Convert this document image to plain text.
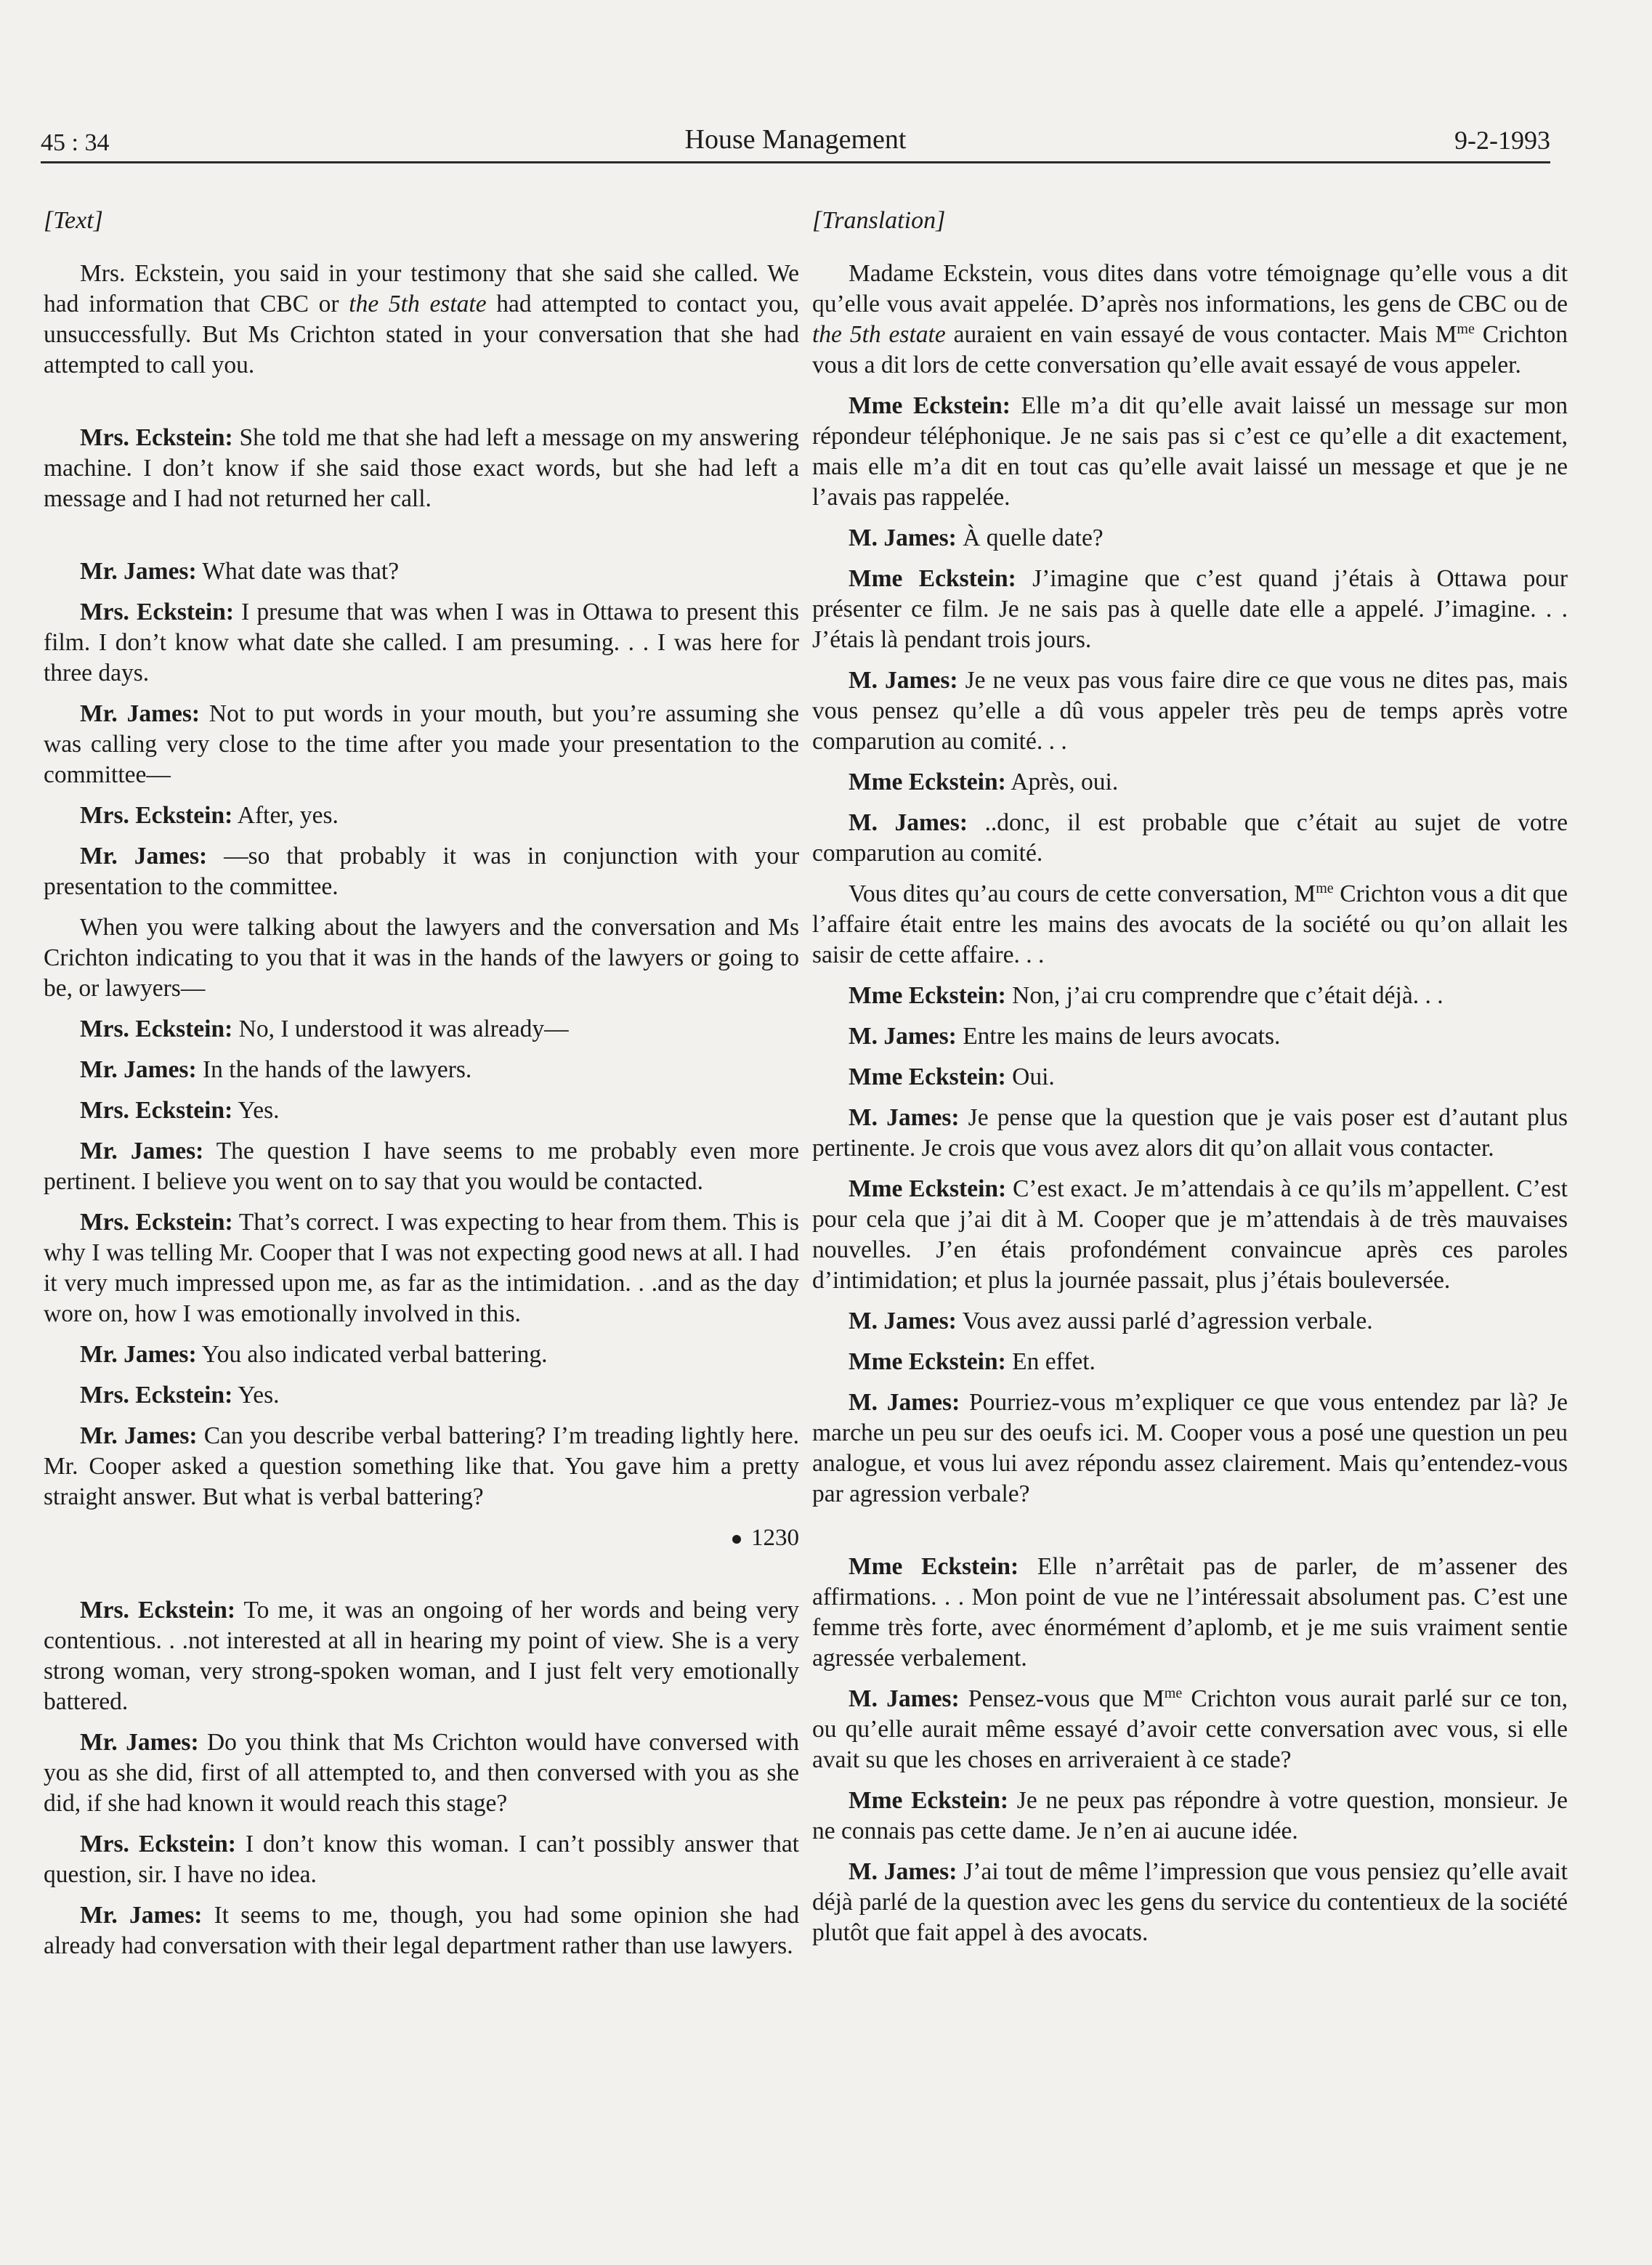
45 : 34	House Management	9-2-1993
[Text]

Mrs. Eckstein, you said in your testimony that she said she called. We had information that CBC or the 5th estate had attempted to contact you, unsuccessfully. But Ms Crichton stated in your conversation that she had attempted to call you.

Mrs. Eckstein: She told me that she had left a message on my answering machine. I don’t know if she said those exact words, but she had left a message and I had not returned her call.

Mr. James: What date was that?

Mrs. Eckstein: I presume that was when I was in Ottawa to present this film. I don’t know what date she called. I am presuming. . . I was here for three days.

Mr. James: Not to put words in your mouth, but you’re assuming she was calling very close to the time after you made your presentation to the committee—

Mrs. Eckstein: After, yes.

Mr. James: —so that probably it was in conjunction with your presentation to the committee.

When you were talking about the lawyers and the conversation and Ms Crichton indicating to you that it was in the hands of the lawyers or going to be, or lawyers—

Mrs. Eckstein: No, I understood it was already—

Mr. James: In the hands of the lawyers.

Mrs. Eckstein: Yes.

Mr. James: The question I have seems to me probably even more pertinent. I believe you went on to say that you would be contacted.

Mrs. Eckstein: That’s correct. I was expecting to hear from them. This is why I was telling Mr. Cooper that I was not expecting good news at all. I had it very much impressed upon me, as far as the intimidation. . .and as the day wore on, how I was emotionally involved in this.

Mr. James: You also indicated verbal battering.

Mrs. Eckstein: Yes.

Mr. James: Can you describe verbal battering? I’m treading lightly here. Mr. Cooper asked a question something like that. You gave him a pretty straight answer. But what is verbal battering?

1230

Mrs. Eckstein: To me, it was an ongoing of her words and being very contentious. . .not interested at all in hearing my point of view. She is a very strong woman, very strong-spoken woman, and I just felt very emotionally battered.

Mr. James: Do you think that Ms Crichton would have conversed with you as she did, first of all attempted to, and then conversed with you as she did, if she had known it would reach this stage?

Mrs. Eckstein: I don’t know this woman. I can’t possibly answer that question, sir. I have no idea.

Mr. James: It seems to me, though, you had some opinion she had already had conversation with their legal department rather than use lawyers.

[Translation]

Madame Eckstein, vous dites dans votre témoignage qu’elle vous a dit qu’elle vous avait appelée. D’après nos informations, les gens de CBC ou de the 5th estate auraient en vain essayé de vous contacter. Mais $M^{me}$ Crichton vous a dit lors de cette conversation qu’elle avait essayé de vous appeler.

Mme Eckstein: Elle m’a dit qu’elle avait laissé un message sur mon répondeur téléphonique. Je ne sais pas si c’est ce qu’elle a dit exactement, mais elle m’a dit en tout cas qu’elle avait laissé un message et que je ne l’avais pas rappelée.

M. James: À quelle date?

Mme Eckstein: J’imagine que c’est quand j’étais à Ottawa pour présenter ce film. Je ne sais pas à quelle date elle a appelé. J’imagine. . . J’étais là pendant trois jours.

M. James: Je ne veux pas vous faire dire ce que vous ne dites pas, mais vous pensez qu’elle a dû vous appeler très peu de temps après votre comparution au comité. . .

Mme Eckstein: Après, oui.

M. James: ..donc, il est probable que c’était au sujet de votre comparution au comité.

Vous dites qu’au cours de cette conversation, $M^{me}$ Crichton vous a dit que l’affaire était entre les mains des avocats de la société ou qu’on allait les saisir de cette affaire. . .

Mme Eckstein: Non, j’ai cru comprendre que c’était déjà. . .

M. James: Entre les mains de leurs avocats.

Mme Eckstein: Oui.

M. James: Je pense que la question que je vais poser est d’autant plus pertinente. Je crois que vous avez alors dit qu’on allait vous contacter.

Mme Eckstein: C’est exact. Je m’attendais à ce qu’ils m’appellent. C’est pour cela que j’ai dit à M. Cooper que je m’attendais à de très mauvaises nouvelles. J’en étais profondément convaincue après ces paroles d’intimidation; et plus la journée passait, plus j’étais bouleversée.

M. James: Vous avez aussi parlé d’agression verbale.

Mme Eckstein: En effet.

M. James: Pourriez-vous m’expliquer ce que vous entendez par là? Je marche un peu sur des oeufs ici. M. Cooper vous a posé une question un peu analogue, et vous lui avez répondu assez clairement. Mais qu’entendez-vous par agression verbale?

Mme Eckstein: Elle n’arrêtait pas de parler, de m’assener des affirmations. . . Mon point de vue ne l’intéressait absolument pas. C’est une femme très forte, avec énormément d’aplomb, et je me suis vraiment sentie agressée verbalement.

M. James: Pensez-vous que $M^{me}$ Crichton vous aurait parlé sur ce ton, ou qu’elle aurait même essayé d’avoir cette conversation avec vous, si elle avait su que les choses en arriveraient à ce stade?

Mme Eckstein: Je ne peux pas répondre à votre question, monsieur. Je ne connais pas cette dame. Je n’en ai aucune idée.

M. James: J’ai tout de même l’impression que vous pensiez qu’elle avait déjà parlé de la question avec les gens du service du contentieux de la société plutôt que fait appel à des avocats.
